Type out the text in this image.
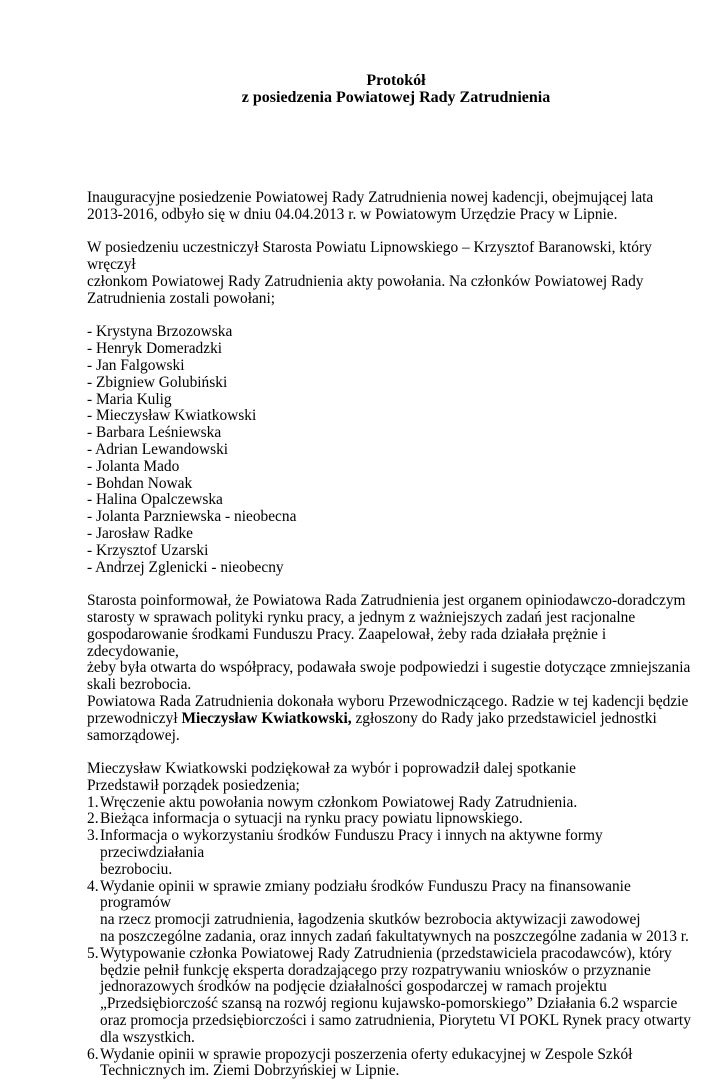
Protokół
z posiedzenia Powiatowej Rady Zatrudnienia

Inauguracyjne posiedzenie Powiatowej Rady Zatrudnienia nowej kadencji, obejmującej lata

2013-2016, odbyło się w dniu 04.04.2013 r. w Powiatowym Urzędzie Pracy w Lipnie.

W posiedzeniu uczestniczył Starosta Powiatu Lipnowskiego – Krzysztof Baranowski, który wręczył

członkom Powiatowej Rady Zatrudnienia akty powołania. Na członków Powiatowej Rady

Zatrudnienia zostali powołani;

- Krystyna Brzozowska
- Henryk Domeradzki
- Jan Falgowski
- Zbigniew Golubiński
- Maria Kulig
- Mieczysław Kwiatkowski
- Barbara Leśniewska
- Adrian Lewandowski
- Jolanta Mado
- Bohdan Nowak
- Halina Opalczewska
- Jolanta Parzniewska - nieobecna
- Jarosław Radke
- Krzysztof Uzarski
- Andrzej Zglenicki - nieobecny

Starosta poinformował, że Powiatowa Rada Zatrudnienia jest organem opiniodawczo-doradczym

starosty w sprawach polityki rynku pracy, a jednym z ważniejszych zadań jest racjonalne

gospodarowanie środkami Funduszu Pracy. Zaapelował, żeby rada działała prężnie i zdecydowanie,

żeby była otwarta do współpracy, podawała swoje podpowiedzi i sugestie dotyczące zmniejszania

skali bezrobocia.

Powiatowa Rada Zatrudnienia dokonała wyboru Przewodniczącego. Radzie w tej kadencji będzie

przewodniczył Mieczysław Kwiatkowski, zgłoszony do Rady jako przedstawiciel jednostki

samorządowej.

Mieczysław Kwiatkowski podziękował za wybór i poprowadził dalej spotkanie

Przedstawił porządek posiedzenia;

1. Wręczenie aktu powołania nowym członkom Powiatowej Rady Zatrudnienia.
2. Bieżąca informacja o sytuacji na rynku pracy powiatu lipnowskiego.
3. Informacja o wykorzystaniu środków Funduszu Pracy i innych na aktywne formy przeciwdziałania
bezrobociu.
4. Wydanie opinii w sprawie zmiany podziału środków Funduszu Pracy na finansowanie programów
na rzecz promocji zatrudnienia, łagodzenia skutków bezrobocia aktywizacji zawodowej
na poszczególne zadania, oraz innych zadań fakultatywnych na poszczególne zadania w 2013 r.
5. Wytypowanie członka Powiatowej Rady Zatrudnienia (przedstawiciela pracodawców), który
będzie pełnił funkcję eksperta doradzającego przy rozpatrywaniu wniosków o przyznanie
jednorazowych środków na podjęcie działalności gospodarczej w ramach projektu
„Przedsiębiorczość szansą na rozwój regionu kujawsko-pomorskiego” Działania 6.2 wsparcie
oraz promocja przedsiębiorczości i samo zatrudnienia, Piorytetu VI POKL Rynek pracy otwarty
dla wszystkich.
6. Wydanie opinii w sprawie propozycji poszerzenia oferty edukacyjnej w Zespole Szkół
Technicznych im. Ziemi Dobrzyńskiej w Lipnie.
